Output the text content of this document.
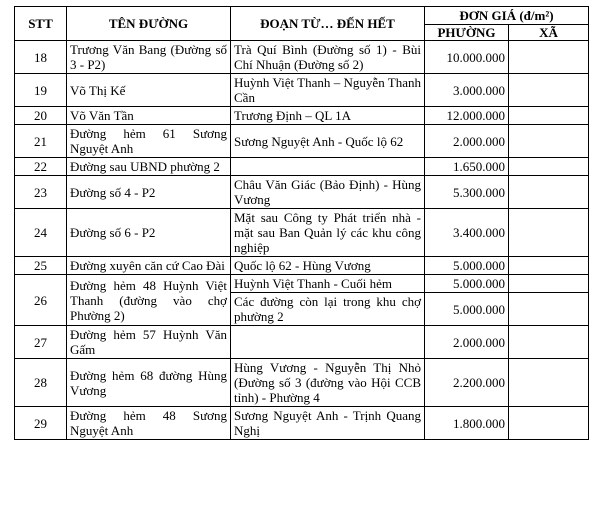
STT	TÊN ĐƯỜNG	ĐOẠN TỪ… ĐẾN HẾT	ĐƠN GIÁ (đ/m²)	
			PHƯỜNG	XÃ
18	Trương Văn Bang (Đường số 3 - P2)	Trà Quí Bình (Đường số 1) - Bùi Chí Nhuận (Đường số 2)	10.000.000	
19	Võ Thị Kế	Huỳnh Việt Thanh – Nguyễn Thanh Cần	3.000.000	
20	Võ Văn Tần	Trương Định – QL 1A	12.000.000	
21	Đường hẻm 61 Sương Nguyệt Anh	Sương Nguyệt Anh - Quốc lộ 62	2.000.000	
22	Đường sau UBND phường 2		1.650.000	
23	Đường số 4 - P2	Châu Văn Giác (Bảo Định) - Hùng Vương	5.300.000	
24	Đường số 6 - P2	Mặt sau Công ty Phát triển nhà - mặt sau Ban Quản lý các khu công nghiệp	3.400.000	
25	Đường xuyên căn cứ Cao Đài	Quốc lộ 62 - Hùng Vương	5.000.000	
26	Đường hẻm 48 Huỳnh Việt Thanh (đường vào chợ Phường 2)	Huỳnh Việt Thanh - Cuối hẻm	5.000.000	
		Các đường còn lại trong khu chợ phường 2	5.000.000	
27	Đường hẻm 57 Huỳnh Văn Gấm		2.000.000	
28	Đường hẻm 68 đường Hùng Vương	Hùng Vương - Nguyễn Thị Nhỏ (Đường số 3 (đường vào Hội CCB tỉnh) - Phường 4	2.200.000	
29	Đường hẻm 48 Sương Nguyệt Anh	Sương Nguyệt Anh - Trịnh Quang Nghị	1.800.000	
